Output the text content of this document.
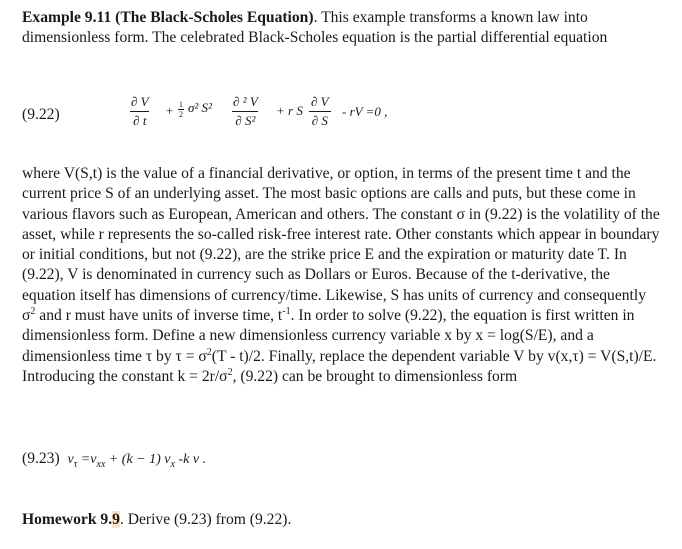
Example 9.11 (The Black-Scholes Equation). This example transforms a known law into dimensionless form. The celebrated Black-Scholes equation is the partial differential equation

(9.22)	$\frac{\partial V}{\partial t} + \frac{1}{2} \sigma^2$ $S^2 \frac{\text{∂ ² V}}{\text{∂ S²}} + r$ S $\frac{\partial V}{\partial S}$ - rV =0 ,

where V(S,t) is the value of a financial derivative, or option, in terms of the present time t and the current price S of an underlying asset. The most basic options are calls and puts, but these come in various flavors such as European, American and others. The constant σ in (9.22) is the volatility of the asset, while r represents the so-called risk-free interest rate. Other constants which appear in boundary or initial conditions, but not (9.22), are the strike price E and the expiration or maturity date T. In (9.22), V is denominated in currency such as Dollars or Euros. Because of the t-derivative, the equation itself has dimensions of currency/time. Likewise, S has units of currency and consequently $\sigma^2$ and r must have units of inverse time, $t^{-1}$. In order to solve (9.22), the equation is first written in dimensionless form. Define a new dimensionless currency variable x by x = log(S/E), and a dimensionless time τ by $\tau = \sigma^2(T - t)/2$. Finally, replace the dependent variable V by v(x,τ) = V(S,t)/E. Introducing the constant $k = 2r/\sigma^2$, (9.22) can be brought to dimensionless form

(9.23) $v_\tau =v_{xx} + (k - 1)$ $v_x$ -k v .
Homework 9.9. Derive (9.23) from (9.22).
